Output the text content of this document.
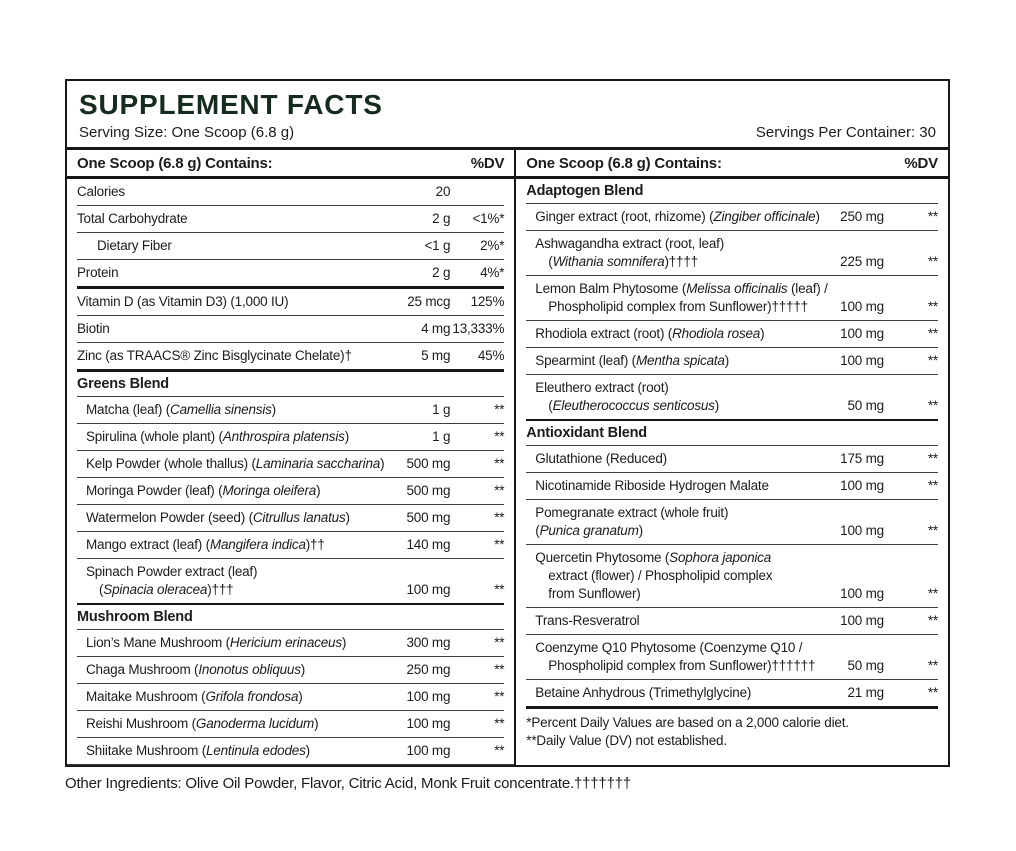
SUPPLEMENT FACTS
Serving Size: One Scoop (6.8 g)	Servings Per Container: 30
One Scoop (6.8 g) Contains:	%DV
Calories	20
Total Carbohydrate	2 g	<1%*
Dietary Fiber	<1 g	2%*
Protein	2 g	4%*
Vitamin D (as Vitamin D3) (1,000 IU)	25 mcg	125%
Biotin	4 mg 13,333%
Zinc (as TRAACS® Zinc Bisglycinate Chelate)†	5 mg	45%
Greens Blend
Matcha (leaf) (Camellia sinensis)	1 g	**
Spirulina (whole plant) (Anthrospira platensis)	1 g	**
Kelp Powder (whole thallus) (Laminaria saccharina)	500 mg	**
Moringa Powder (leaf) (Moringa oleifera)	500 mg	**
Watermelon Powder (seed) (Citrullus lanatus)	500 mg	**
Mango extract (leaf) (Mangifera indica)††	140 mg	**
Spinach Powder extract (leaf)
(Spinacia oleracea)†††	100 mg	**
Mushroom Blend
Lion’s Mane Mushroom (Hericium erinaceus)	300 mg	**
Chaga Mushroom (Inonotus obliquus)	250 mg	**
Maitake Mushroom (Grifola frondosa)	100 mg	**
Reishi Mushroom (Ganoderma lucidum)	100 mg	**
Shiitake Mushroom (Lentinula edodes)	100 mg	**
One Scoop (6.8 g) Contains:	%DV
Adaptogen Blend
Ginger extract (root, rhizome) (Zingiber officinale)	250 mg	**
Ashwagandha extract (root, leaf)
(Withania somnifera)††††	225 mg	**
Lemon Balm Phytosome (Melissa officinalis (leaf) /
Phospholipid complex from Sunflower)†††††	100 mg	**
Rhodiola extract (root) (Rhodiola rosea)	100 mg	**
Spearmint (leaf) (Mentha spicata)	100 mg	**
Eleuthero extract (root)
(Eleutherococcus senticosus)	50 mg	**
Antioxidant Blend
Glutathione (Reduced)	175 mg	**
Nicotinamide Riboside Hydrogen Malate	100 mg	**
Pomegranate extract (whole fruit)
(Punica granatum)	100 mg	**
Quercetin Phytosome (Sophora japonica
extract (flower) / Phospholipid complex
from Sunflower)	100 mg	**
Trans-Resveratrol	100 mg	**
Coenzyme Q10 Phytosome (Coenzyme Q10 /
Phospholipid complex from Sunflower)††††††	50 mg	**
Betaine Anhydrous (Trimethylglycine)	21 mg	**
*Percent Daily Values are based on a 2,000 calorie diet.
**Daily Value (DV) not established.
Other Ingredients: Olive Oil Powder, Flavor, Citric Acid, Monk Fruit concentrate.†††††††
